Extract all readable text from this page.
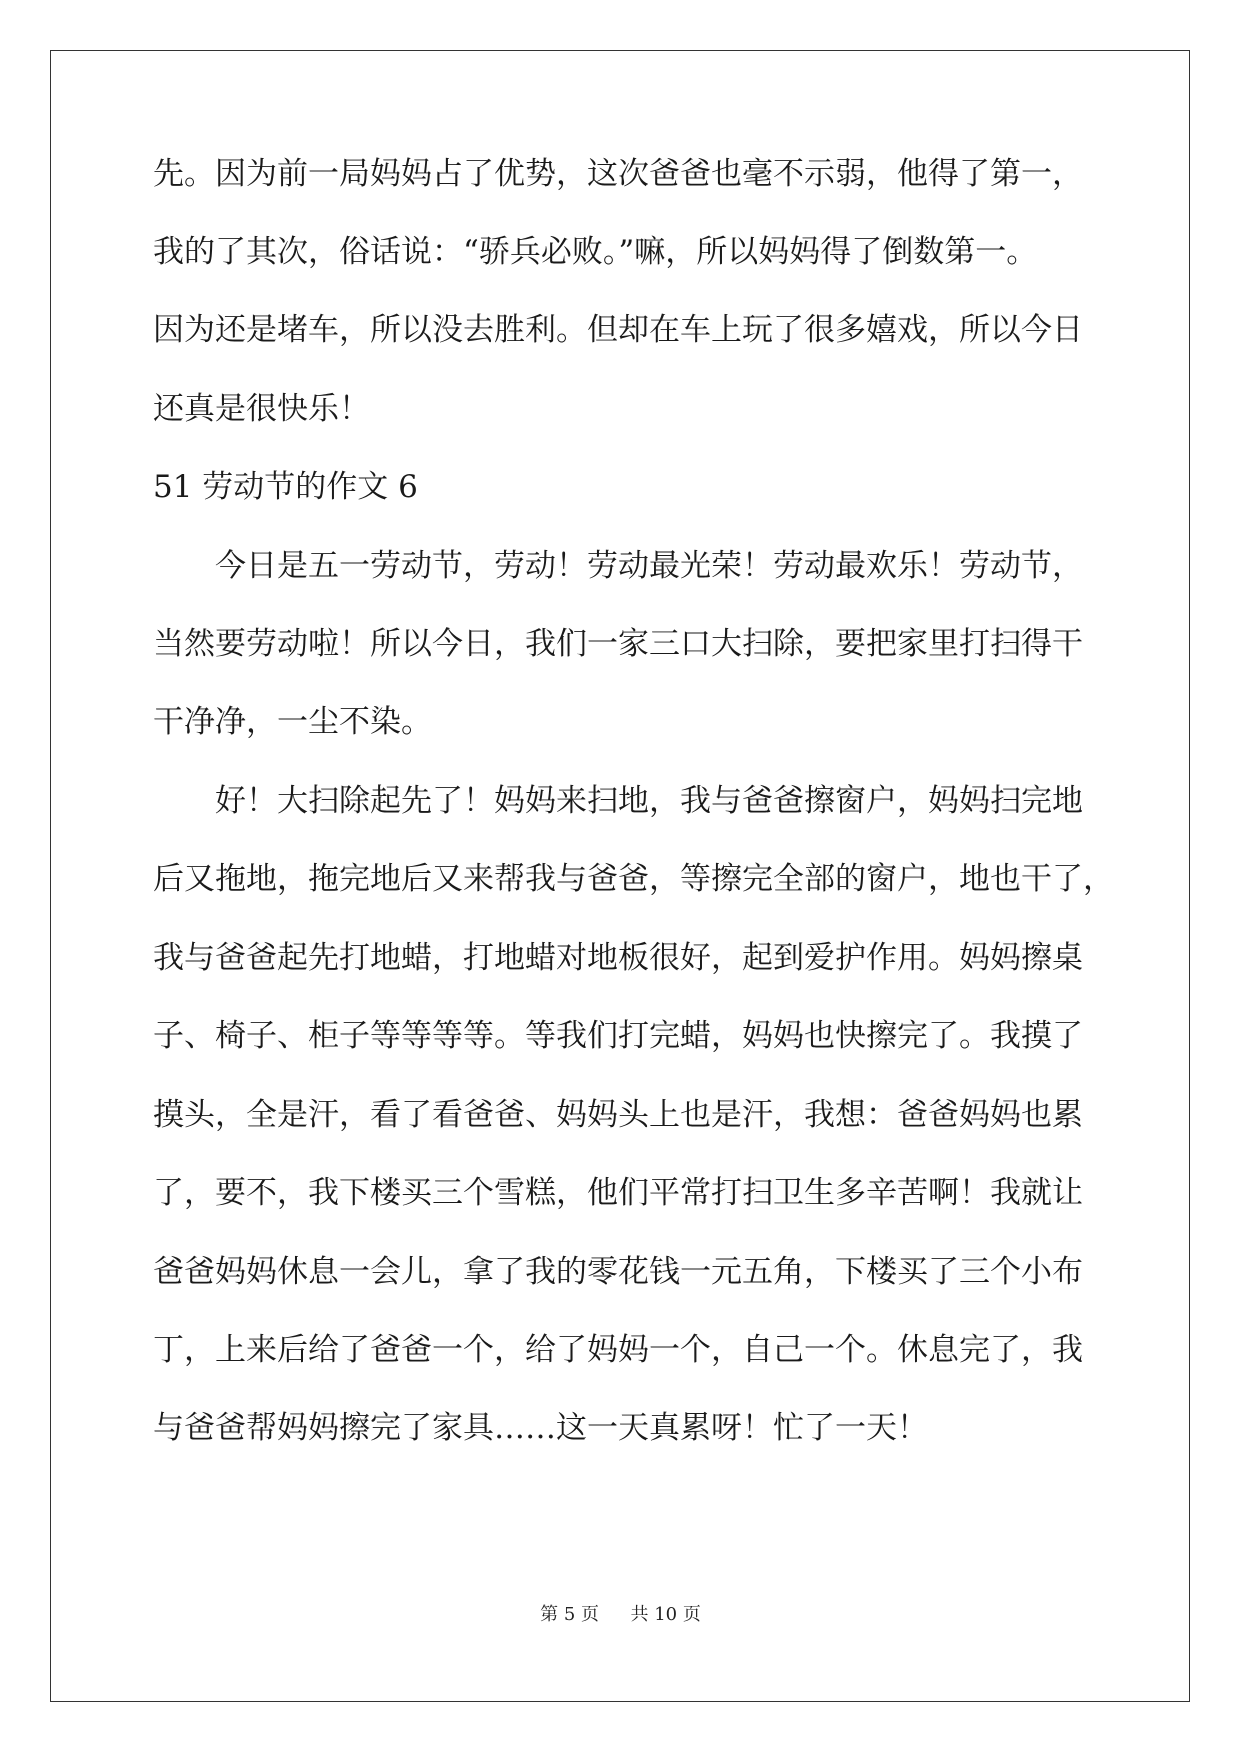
先。因为前一局妈妈占了优势，这次爸爸也毫不示弱，他得了第一，
我的了其次，俗话说：“骄兵必败。”嘛，所以妈妈得了倒数第一。
因为还是堵车，所以没去胜利。但却在车上玩了很多嬉戏，所以今日
还真是很快乐！
51 劳动节的作文 6
今日是五一劳动节，劳动！劳动最光荣！劳动最欢乐！劳动节，
当然要劳动啦！所以今日，我们一家三口大扫除，要把家里打扫得干
干净净，一尘不染。
好！大扫除起先了！妈妈来扫地，我与爸爸擦窗户，妈妈扫完地
后又拖地，拖完地后又来帮我与爸爸，等擦完全部的窗户，地也干了，
我与爸爸起先打地蜡，打地蜡对地板很好，起到爱护作用。妈妈擦桌
子、椅子、柜子等等等等。等我们打完蜡，妈妈也快擦完了。我摸了
摸头，全是汗，看了看爸爸、妈妈头上也是汗，我想：爸爸妈妈也累
了，要不，我下楼买三个雪糕，他们平常打扫卫生多辛苦啊！我就让
爸爸妈妈休息一会儿，拿了我的零花钱一元五角，下楼买了三个小布
丁，上来后给了爸爸一个，给了妈妈一个，自己一个。休息完了，我
与爸爸帮妈妈擦完了家具……这一天真累呀！忙了一天！
第 5 页 共 10 页
